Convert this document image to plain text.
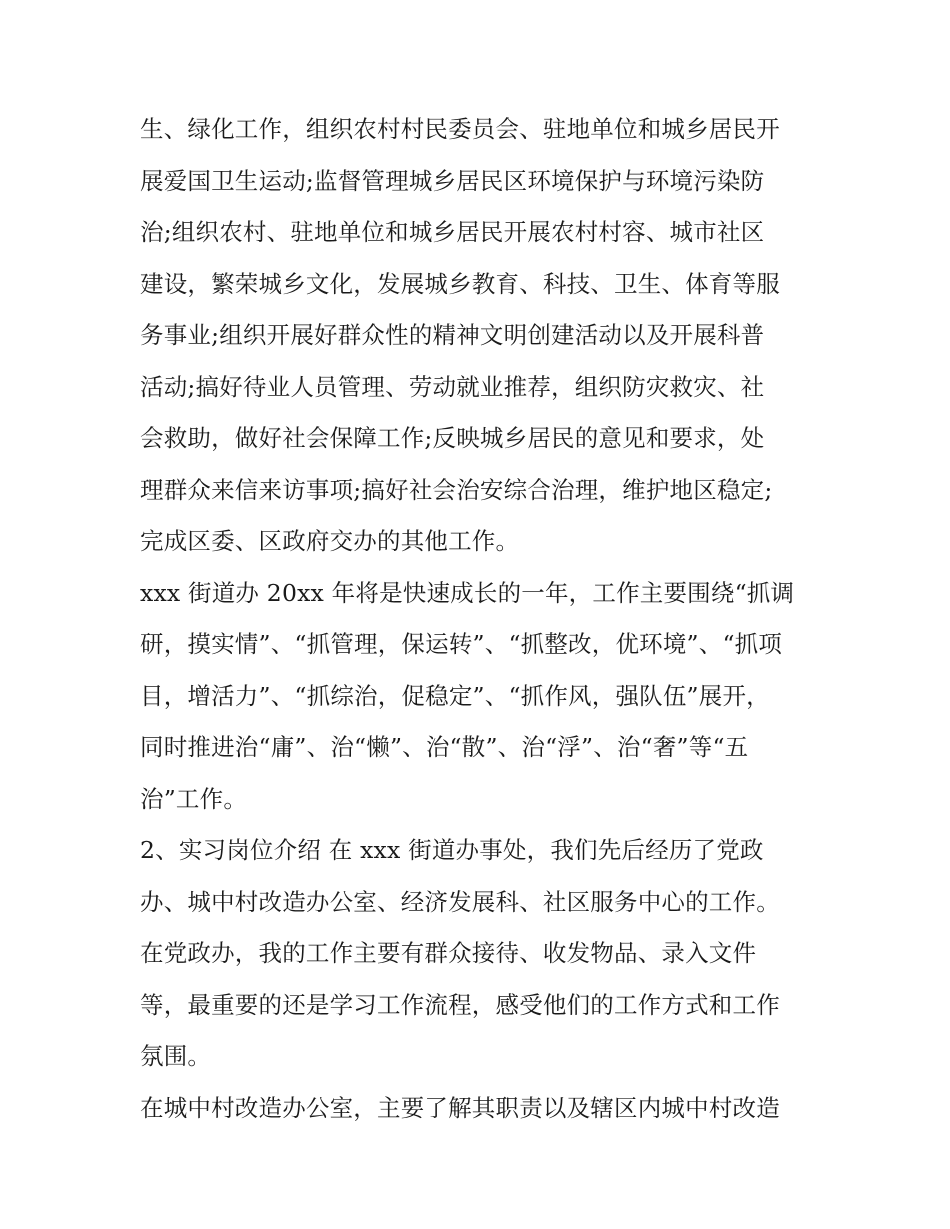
生、绿化工作，组织农村村民委员会、驻地单位和城乡居民开
展爱国卫生运动;监督管理城乡居民区环境保护与环境污染防
治;组织农村、驻地单位和城乡居民开展农村村容、城市社区
建设，繁荣城乡文化，发展城乡教育、科技、卫生、体育等服
务事业;组织开展好群众性的精神文明创建活动以及开展科普
活动;搞好待业人员管理、劳动就业推荐，组织防灾救灾、社
会救助，做好社会保障工作;反映城乡居民的意见和要求，处
理群众来信来访事项;搞好社会治安综合治理，维护地区稳定;
完成区委、区政府交办的其他工作。
xxx 街道办 20xx 年将是快速成长的一年，工作主要围绕“抓调
研，摸实情”、“抓管理，保运转”、“抓整改，优环境”、“抓项
目，增活力”、“抓综治，促稳定”、“抓作风，强队伍”展开，
同时推进治“庸”、治“懒”、治“散”、治“浮”、治“奢”等“五
治”工作。
2、实习岗位介绍 在 xxx 街道办事处，我们先后经历了党政
办、城中村改造办公室、经济发展科、社区服务中心的工作。
在党政办，我的工作主要有群众接待、收发物品、录入文件
等，最重要的还是学习工作流程，感受他们的工作方式和工作
氛围。
在城中村改造办公室，主要了解其职责以及辖区内城中村改造
